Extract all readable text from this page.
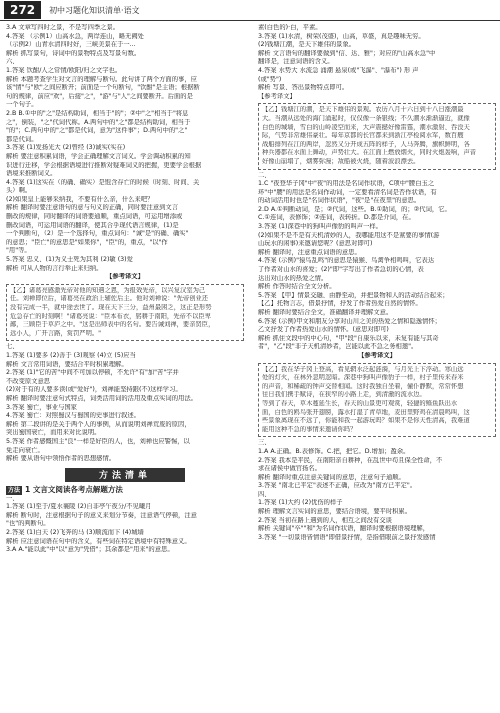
272	初中习题化知识清单·语文
3.A 文章写四时之景，不是写四季之景。
4.答案 （示例1）山高水急，两岸连山，略无阙处
（示例2）山青水清四时好，三峡美景在于一...
解析 抓写景句，诗词中的景物特点及写景句数。
六、
1.答案 饮酣/人之常情/欧阳/归之文字也。
解析 本题考查学生对文言的理解与断句。此句讲了两个方面的事，应
该"情"与"欧"之间应断开；前面是一个句断句，"饮酣"是主语；根据断
句的规律，前应"欢"，后接"之"，"游"与"人"之间要断开。后面的是
一个句子。
2.B B.①中的"之"是结构助词，相当于"的"；②中"之"相当于"将息
之"，倒装，"之"代词代称。A.两句中的"之"都是结构助词，相当于
"的"；C.两句中的"之"都是代词，意为"这件事"；D.两句中的"之"
都是代词。
3.答案 (1)发扬光大 (2)曾经 (3)诚实(实在)
解析 要注意积累词语，学会正确理解文言词义。学会调动积累的知
识进行迁移，学会根据语境进行推断对疑难词义的把握，更要学会根据
语境来推断词义。
4.答案 (1)这实在（的确、确实）是饱含存亡的时候（时刻、时间、关
头）啊。
(2)如果皇上能够采纳我，不要有什么亲，什么来吧？
解析 翻译时要注意语句的意与句义的正确，同时要注意到文言
删改的规律，同时翻译的词语要通顺，重点词语，可运用增添或
删改词语，可运用词语的翻译，使其合乎现代语言规律，(1)是
一个判断句，（2）是一个选择句，重点词句："诚"是"的确、确实"
的意思；"臣亡"的意思是"如果你"，"臣"的，重点，"以"作
"用"等。
5.答案 忠义、(1)为义士死为其利 (2)敏 (3)爱
解析 可从人物的言行举止来归纳。
【参考译文】
【乙】诸葛亮感激先帝对他的知遇之恩，为报效先帝，以兴复汉室为己
任。刘禅即位后，诸葛亮在政治上辅佐后主。他对刘禅说："先帝创业还
没有完成一半，就中途去世了。现在天下三分，益州最困乏，这正是形势
危急存亡的时刻啊！"诸葛亮说："臣本布衣，躬耕于南阳，先帝不以臣卑
鄙，三顾臣于草庐之中。"这是出师表中的名句。要告诫刘禅，要亲贤臣，
远小人，广开言路，赏罚严明。"
七、
1.答案 (1)要多 (2)善于 (3)观察 (4)立 (5)应当
解析 文言常用词语，要结合平时积累理解。
2.答案 (1)"它的苦"中间不可加以停顿，不允许"有"加"苦"字并
不改变原文意思
(2)对于有的人要多读(或"爱好")，刘禅能坚持跟(不)这样学习。
解析 翻译时要注意句式特点，词类活用词的活用及重点实词的用法。
3.答案 蜀亡，事业与国家
4.答案 蜀亡：对照蜀汉与蜀国的史事进行叙述。
解析 第二段讲的是关于两个人的事例，从而说明刘禅荒废的原因，
突出蜀国衰亡，而用来对比说明。
5.答案 作者感慨国主"良"一样是好臣的人，也，刘禅也应警惕，以
免走向衰亡。
解析 要从语句中领悟作者的思想感情。
方法清单
方法 1 文言文阅读各考点解题方法
一、
1.答案 (1)至于/夏水襄陵 (2)自非亭午夜分/不见曦月
解析 断句时，注意根据句子的意义来划分节奏，注意语气停顿，注意
"也"的判断句。
2.答案 (1)白天 (2)飞奔的马 (3)顺流而下 (4)城墙
解析 应注意词语在句中的含义，有些词在特定语境中有特殊意义。
3.A A."能以此"中"以"意为"凭借"；其余都是"用来"的意思。
素(白色的)·白，平素。
3.答案 (1)水清，树荣(茂盛)，山高，草盛，真是趣味无穷。
(2)钱塘江潮，是天下雄伟的景象。
解析 文言语句的翻译要做到"信、达、雅"；对应的"山高水急"中
翻译是，注意词语的含义。
4.答案 水势大 水流急 涌潮 悬泉(或"飞瀑"、"瀑布") 形 声
(或"势")
解析 写景、答出景物特点即可。
【参考译文】
【乙】钱塘江的潮，是天下雄伟的景观。农历八月十六日到十八日涨潮最
大。当潮从远处的海门涌起时，仅仅像一条银线；不久潮水渐渐逼近，就像
白色的城墙，雪白的山岭凌空而来，大声震撼好像雷霆，潮水激射、吞没天
际，气势非常雄伟豪壮。每年京都的长官都来到浙江亭检阅水军，数百艘
战船排列在江的两岸，忽然又分开成五阵的样子，人马奔腾，旗帜鲜明，各
种兵器都在水面上舞动，声势壮大。在江面上燃放烟火，同时火炮轰响，声音
好像山崩塌了，烟雾弥漫；敌船被火烧，随着波浪漂去。
二、
1.C "夜登华子冈"中"夜"的用法是名词作状语，C项中"腰白玉之
环"中"腰"的用法是名词作动词，一定要看清名词是否作状语，有
的动词活用时也是"名词作状语"，"夜"是"在夜里"的意思。
2.D A.①判断动词，是；②代词，这些。B.①助词，的；②代词，它。
C.①连词，表修饰；②连词，表转折。D.都是介词，在。
3.答案 (1)深巷中的狗叫声像豹的叫声一样。
(2)如果不是不是有天机清妙的人，我哪能用这不是紧要的事情(游
山玩水的闲事)来邀请您呢？(意思对即可)
解析 翻译时，注意重点词语的意思。
4.答案 (示例)"猿鸟乱鸣"的意思是猿猴、鸟禽争相鸣叫，它表达
了作者对山水的喜爱；(2)"即"字写出了作者急切的心情，表
达出对山水的热爱之情。
解析 作答时结合全文分析。
5.答案 【甲】情景交融、由静至动，并把景物和人的活动结合起来；
【乙】托物言志，借景抒情，抒发了作者热爱自然的情怀。
解析 翻译时要结合全文，准确翻译并理解文意。
6.答案 (示例)甲文和朋友分享对山川之美的热爱之情和隐逸情怀；
乙文抒发了作者热爱山水的情怀。(意思对即可)
解析 抓住文段中的中心句，"甲"段"自康乐以来，未复有能与其奇
者"，"乙"段"非子天机清妙者，岂能以此不急之务相邀"。
【参考译文】
【乙】我在华子冈上登高，看见辋水泛起涟漪，与月光上下浮动。寒山远
处的灯火，在林外忽明忽暗。深巷中狗叫声像豹子一样，村子里传来春米
的声音，和稀疏的钟声交替相闻。这时我独自坐着，僮仆静默，常常怀想
往日我们携手赋诗，在狭窄的小路上走，到清澈的流水边。
等到了春天，草木蔓延生长，春天的山景更可观赏，轻捷的鲦鱼跃出水
面，白色的鸥鸟张开翅膀，露水打湿了青草地，麦田里野鸡在清晨鸣叫，这
些景象离现在不远了，你能和我一起游玩吗？如果不是你天性清高，我难道
能用这种不急的事情来邀请你吗？
三、
1.A A.正确。B.表修饰。C.把，把它。D.增加；盈余。
2.答案 我本是平民，在南阳亲自耕种，在乱世中苟且保全性命，不
求在诸侯中做官扬名。
解析 翻译时重点注意关键词的意思，注意句子通顺。
3.答案 "南北已平定"表述不正确，应改为"南方已平定"。
四、
1.答案 (1)大约 (2)优伤的样子
解析 理解文言实词的意思，要结合语境，要平时积累。
2.答案 当初在路上遇到的人，相互之间没有交谈
解析 关键词"卒""和"为名词作状语，翻译时要根据语境理解，
3.答案 "一切景语皆情语"即借景抒情，是指借眼前之景抒发感情
